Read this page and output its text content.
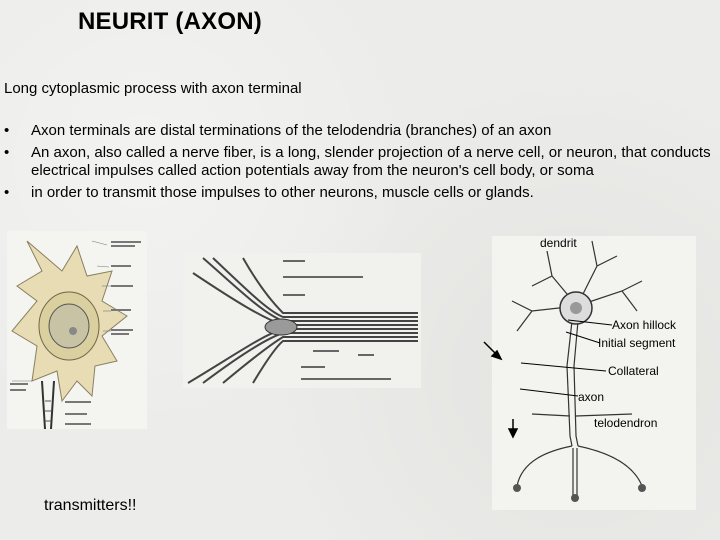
NEURIT (AXON)
Long cytoplasmic process with axon terminal
• Axon terminals are distal terminations of the telodendria (branches) of an axon
• An axon, also called a nerve fiber, is a long, slender projection of a nerve cell, or neuron, that conducts electrical impulses called action potentials away from the neuron's cell body, or soma
• in order to transmit those impulses to other neurons, muscle cells or glands.
dendrit
Axon hillock
Initial segment
Collateral
axon
telodendron
transmitters!!
